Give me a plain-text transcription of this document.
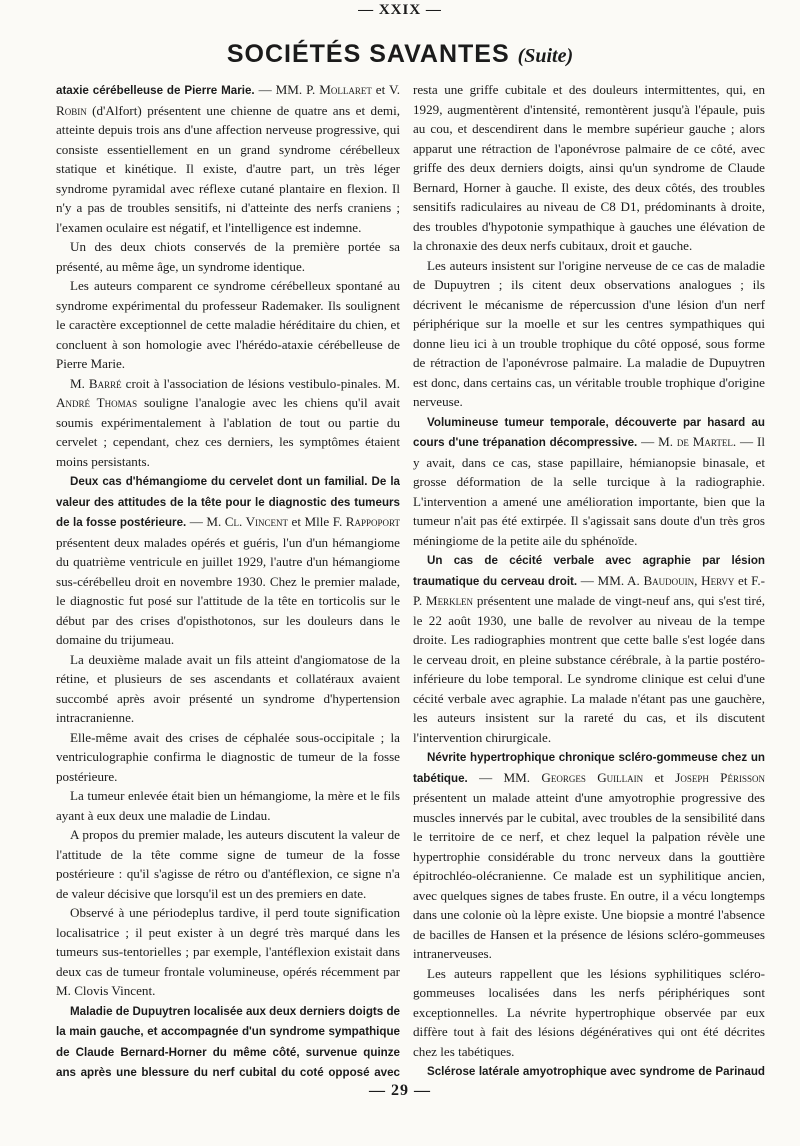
— XXIX —
SOCIÉTÉS SAVANTES (Suite)

ataxie cérébelleuse de Pierre Marie. — MM. P. Mollaret et V. Robin (d'Alfort) présentent une chienne de quatre ans et demi, atteinte depuis trois ans d'une affection nerveuse progressive, qui consiste essentiellement en un grand syndrome cérébelleux statique et kinétique. Il existe, d'autre part, un très léger syndrome pyramidal avec réflexe cutané plantaire en flexion. Il n'y a pas de troubles sensitifs, ni d'atteinte des nerfs craniens ; l'examen oculaire est négatif, et l'intelligence est indemne.

Un des deux chiots conservés de la première portée sa présenté, au même âge, un syndrome identique.

Les auteurs comparent ce syndrome cérébelleux spontané au syndrome expérimental du professeur Rademaker. Ils soulignent le caractère exceptionnel de cette maladie héréditaire du chien, et concluent à son homologie avec l'hérédo-ataxie cérébelleuse de Pierre Marie.

M. Barré croit à l'association de lésions vestibulo-pinales. M. André Thomas souligne l'analogie avec les chiens qu'il avait soumis expérimentalement à l'ablation de tout ou partie du cervelet ; cependant, chez ces derniers, les symptômes étaient moins persistants.

Deux cas d'hémangiome du cervelet dont un familial. De la valeur des attitudes de la tête pour le diagnostic des tumeurs de la fosse postérieure. — M. Cl. Vincent et Mlle F. Rappoport présentent deux malades opérés et guéris, l'un d'un hémangiome du quatrième ventricule en juillet 1929, l'autre d'un hémangiome sus-cérébelleu droit en novembre 1930. Chez le premier malade, le diagnostic fut posé sur l'attitude de la tête en torticolis sur le début par des crises d'opisthotonos, sur les douleurs dans le domaine du trijumeau.

La deuxième malade avait un fils atteint d'angiomatose de la rétine, et plusieurs de ses ascendants et collatéraux avaient succombé après avoir présenté un syndrome d'hypertension intracranienne.

Elle-même avait des crises de céphalée sous-occipitale ; la ventriculographie confirma le diagnostic de tumeur de la fosse postérieure.

La tumeur enlevée était bien un hémangiome, la mère et le fils ayant à eux deux une maladie de Lindau.

A propos du premier malade, les auteurs discutent la valeur de l'attitude de la tête comme signe de tumeur de la fosse postérieure : qu'il s'agisse de rétro ou d'antéflexion, ce signe n'a de valeur décisive que lorsqu'il est un des premiers en date.

Observé à une périodeplus tardive, il perd toute signification localisatrice ; il peut exister à un degré très marqué dans les tumeurs sus-tentorielles ; par exemple, l'antéflexion existait dans deux cas de tumeur frontale volumineuse, opérés récemment par M. Clovis Vincent.

Maladie de Dupuytren localisée aux deux derniers doigts de la main gauche, et accompagnée d'un syndrome sympathique de Claude Bernard-Horner du même côté, survenue quinze ans après une blessure du nerf cubital du coté opposé avec

resta une griffe cubitale et des douleurs intermittentes, qui, en 1929, augmentèrent d'intensité, remontèrent jusqu'à l'épaule, puis au cou, et descendirent dans le membre supérieur gauche ; alors apparut une rétraction de l'aponévrose palmaire de ce côté, avec griffe des deux derniers doigts, ainsi qu'un syndrome de Claude Bernard, Horner à gauche. Il existe, des deux côtés, des troubles sensitifs radiculaires au niveau de C8 D1, prédominants à droite, des troubles d'hypotonie sympathique à gauches une élévation de la chronaxie des deux nerfs cubitaux, droit et gauche.

Les auteurs insistent sur l'origine nerveuse de ce cas de maladie de Dupuytren ; ils citent deux observations analogues ; ils décrivent le mécanisme de répercussion d'une lésion d'un nerf périphérique sur la moelle et sur les centres sympathiques qui donne lieu ici à un trouble trophique du côté opposé, sous forme de rétraction de l'aponévrose palmaire. La maladie de Dupuytren est donc, dans certains cas, un véritable trouble trophique d'origine nerveuse.

Volumineuse tumeur temporale, découverte par hasard au cours d'une trépanation décompressive. — M. de Martel. — Il y avait, dans ce cas, stase papillaire, hémianopsie binasale, et grosse déformation de la selle turcique à la radiographie. L'intervention a amené une amélioration importante, bien que la tumeur n'ait pas été extirpée. Il s'agissait sans doute d'un très gros méningiome de la petite aile du sphénoïde.

Un cas de cécité verbale avec agraphie par lésion traumatique du cerveau droit. — MM. A. Baudouin, Hervy et F.-P. Merklen présentent une malade de vingt-neuf ans, qui s'est tiré, le 22 août 1930, une balle de revolver au niveau de la tempe droite. Les radiographies montrent que cette balle s'est logée dans le cerveau droit, en pleine substance cérébrale, à la partie postéro-inférieure du lobe temporal. Le syndrome clinique est celui d'une cécité verbale avec agraphie. La malade n'étant pas une gauchère, les auteurs insistent sur la rareté du cas, et ils discutent l'intervention chirurgicale.

Névrite hypertrophique chronique scléro-gommeuse chez un tabétique. — MM. Georges Guillain et Joseph Périsson présentent un malade atteint d'une amyotrophie progressive des muscles innervés par le cubital, avec troubles de la sensibilité dans le territoire de ce nerf, et chez lequel la palpation révèle une hypertrophie considérable du tronc nerveux dans la gouttière épitrochléo-olécranienne. Ce malade est un syphilitique ancien, avec quelques signes de tabes fruste. En outre, il a vécu longtemps dans une colonie où la lèpre existe. Une biopsie a montré l'absence de bacilles de Hansen et la présence de lésions scléro-gommeuses intranerveuses.

Les auteurs rappellent que les lésions syphilitiques scléro-gommeuses localisées dans les nerfs périphériques sont exceptionnelles. La névrite hypertrophique observée par eux diffère tout à fait des lésions dégénératives qui ont été décrites chez les tabétiques.

Sclérose latérale amyotrophique avec syndrome de Parinaud

— 29 —
